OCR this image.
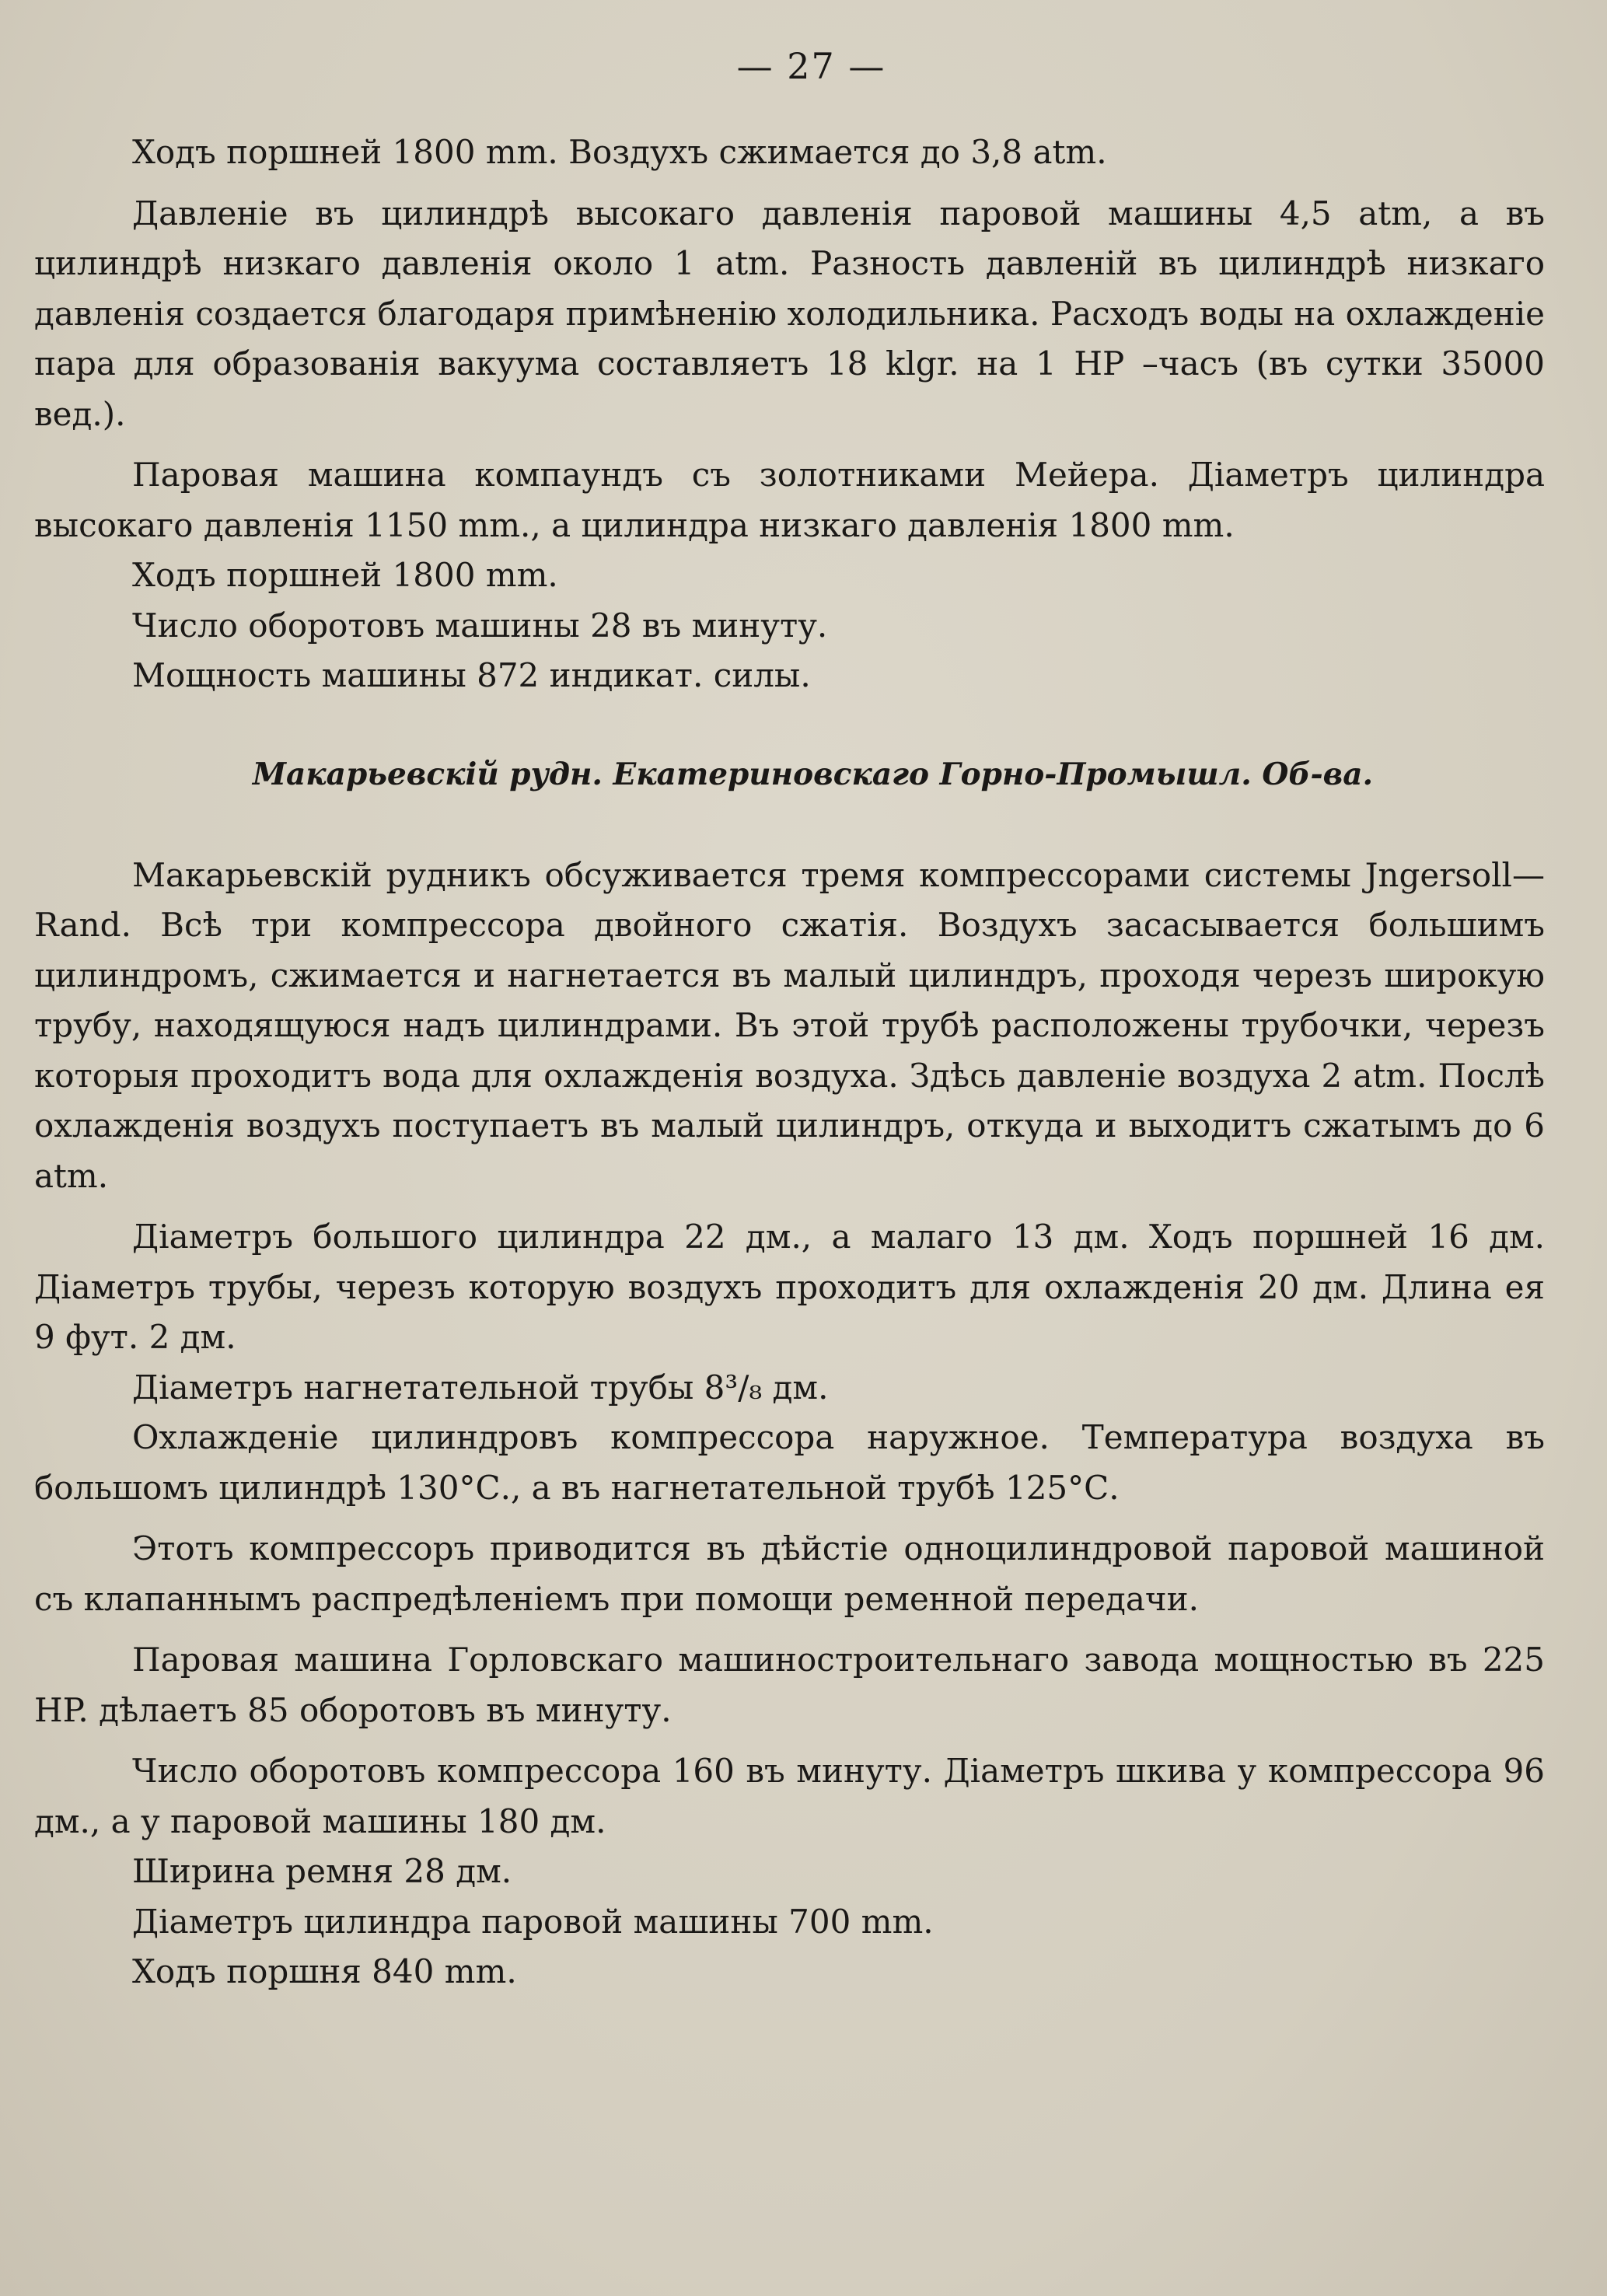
— 27 —

Ходъ поршней 1800 mm. Воздухъ сжимается до 3,8 atm.

Давленіе въ цилиндрѣ высокаго давленія паровой машины 4,5 atm, а въ цилиндрѣ низкаго давленія около 1 atm. Разность давленій въ цилиндрѣ низкаго давленія создается благодаря примѣненію холодильника. Расходъ воды на охлажденіе пара для образованія вакуума составляетъ 18 klgr. на 1 HP –часъ (въ сутки 35000 вед.).

Паровая машина компаундъ съ золотниками Мейера. Діаметръ цилиндра высокаго давленія 1150 mm., а цилиндра низкаго давленія 1800 mm.

Ходъ поршней 1800 mm.

Число оборотовъ машины 28 въ минуту.

Мощность машины 872 индикат. силы.

Макарьевскій рудн. Екатериновскаго Горно-Промышл. Об-ва.

Макарьевскій рудникъ обсуживается тремя компрессорами системы Jngersoll—Rand. Всѣ три компрессора двойного сжатія. Воздухъ засасывается большимъ цилиндромъ, сжимается и нагнетается въ малый цилиндръ, проходя черезъ широкую трубу, находящуюся надъ цилиндрами. Въ этой трубѣ расположены трубочки, черезъ которыя проходитъ вода для охлажденія воздуха. Здѣсь давленіе воздуха 2 atm. Послѣ охлажденія воздухъ поступаетъ въ малый цилиндръ, откуда и выходитъ сжатымъ до 6 atm.

Діаметръ большого цилиндра 22 дм., а малаго 13 дм. Ходъ поршней 16 дм. Діаметръ трубы, черезъ которую воздухъ проходитъ для охлажденія 20 дм. Длина ея 9 фут. 2 дм.

Діаметръ нагнетательной трубы 8³/₈ дм.

Охлажденіе цилиндровъ компрессора наружное. Температура воздуха въ большомъ цилиндрѣ 130°С., а въ нагнетательной трубѣ 125°С.

Этотъ компрессоръ приводится въ дѣйстіе одноцилиндровой паровой машиной съ клапаннымъ распредѣленіемъ при помощи ременной передачи.

Паровая машина Горловскаго машиностроительнаго завода мощностью въ 225 HP. дѣлаетъ 85 оборотовъ въ минуту.

Число оборотовъ компрессора 160 въ минуту. Діаметръ шкива у компрессора 96 дм., а у паровой машины 180 дм.

Ширина ремня 28 дм.

Діаметръ цилиндра паровой машины 700 mm.

Ходъ поршня 840 mm.
